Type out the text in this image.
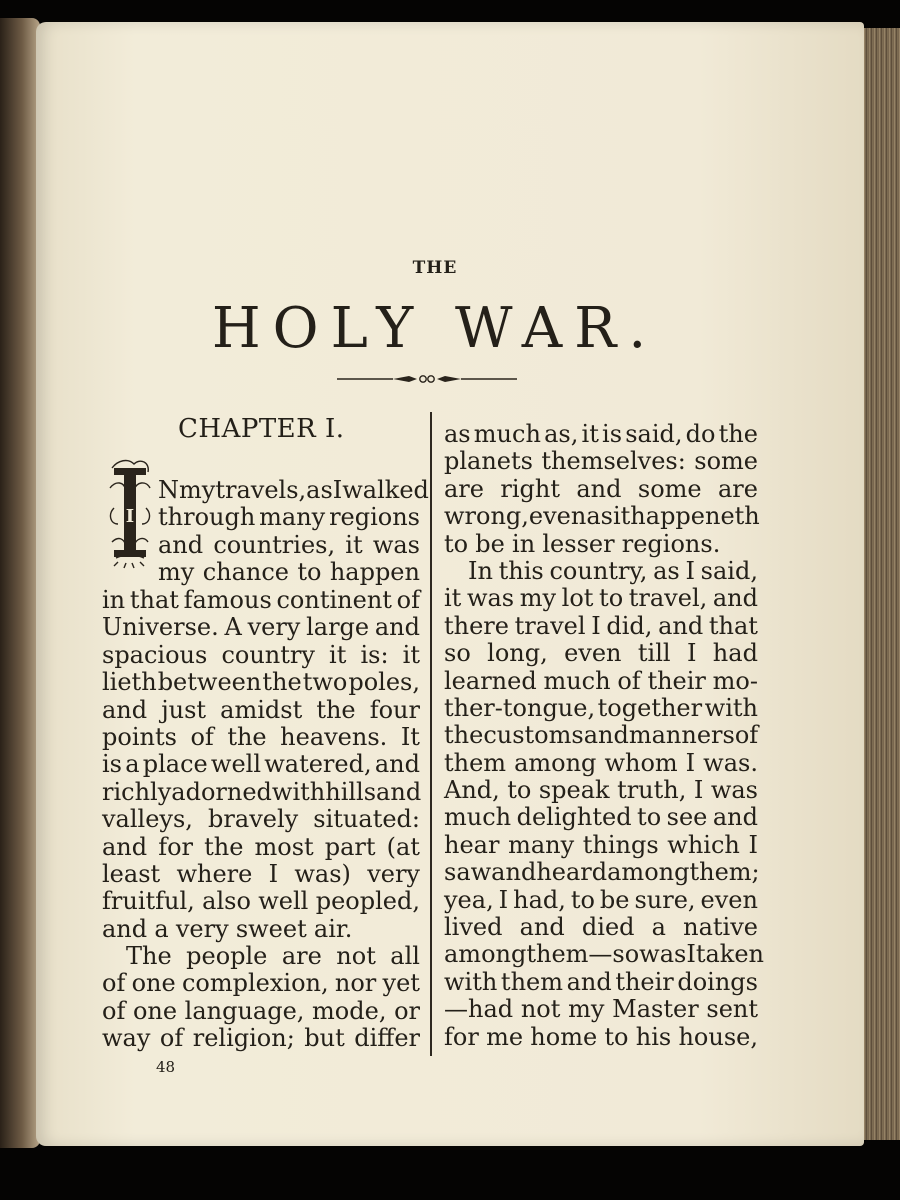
THE
HOLY WAR.
CHAPTER I.
I
N my travels, as I walked
through many regions
and countries, it was
my chance to happen
in that famous continent of
Universe. A very large and
spacious country it is: it
lieth between the two poles,
and just amidst the four
points of the heavens. It
is a place well watered, and
richly adorned with hills and
valleys, bravely situated:
and for the most part (at
least where I was) very
fruitful, also well peopled,
and a very sweet air.
The people are not all
of one complexion, nor yet
of one language, mode, or
way of religion; but differ
as much as, it is said, do the
planets themselves: some
are right and some are
wrong, even as it happeneth
to be in lesser regions.
In this country, as I said,
it was my lot to travel, and
there travel I did, and that
so long, even till I had
learned much of their mo-
ther-tongue, together with
the customs and manners of
them among whom I was.
And, to speak truth, I was
much delighted to see and
hear many things which I
saw and heard among them;
yea, I had, to be sure, even
lived and died a native
among them—so was I taken
with them and their doings
—had not my Master sent
for me home to his house,
48
